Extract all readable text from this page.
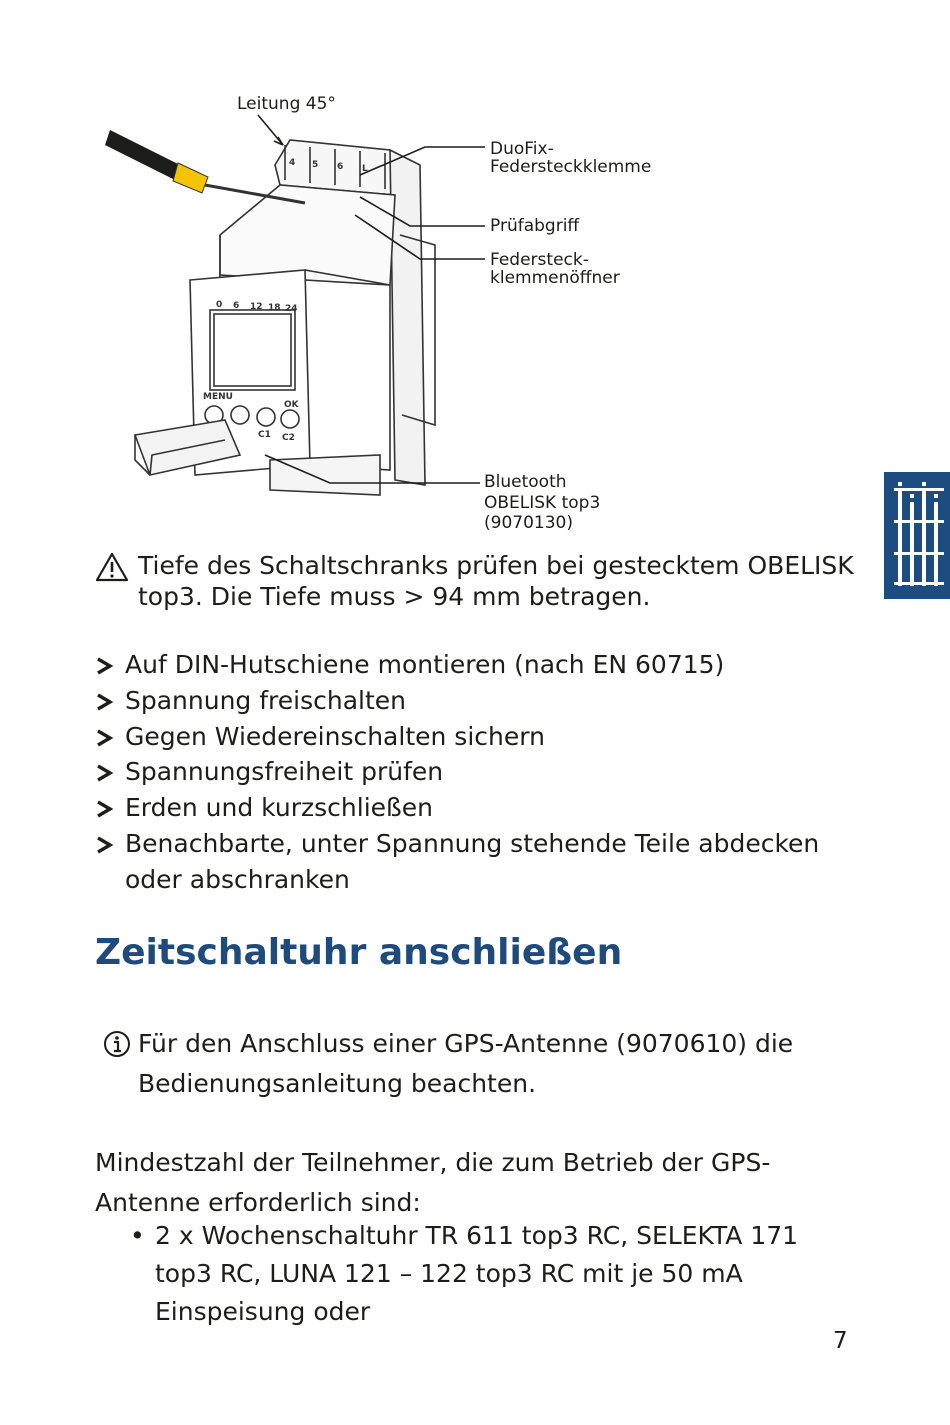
MENU
OK
C1 C2
0 6 12 18 24
4 5 6 L
Leitung 45°
DuoFix-
Federsteckklemme
Prüfabgriff
Federsteck-
klemmenöffner
Bluetooth
OBELISK top3
(9070130)
Tiefe des Schaltschranks prüfen bei gestecktem OBELISK top3. Die Tiefe muss > 94 mm betragen.
Auf DIN-Hutschiene montieren (nach EN 60715)
Spannung freischalten
Gegen Wiedereinschalten sichern
Spannungsfreiheit prüfen
Erden und kurzschließen
Benachbarte, unter Spannung stehende Teile abdecken oder abschranken
Zeitschaltuhr anschließen
Für den Anschluss einer GPS-Antenne (9070610) die Bedienungsanleitung beachten.
Mindestzahl der Teilnehmer, die zum Betrieb der GPS-Antenne erforderlich sind:
• 2 x Wochenschaltuhr TR 611 top3 RC, SELEKTA 171 top3 RC, LUNA 121 – 122 top3 RC mit je 50 mA Einspeisung oder
7
